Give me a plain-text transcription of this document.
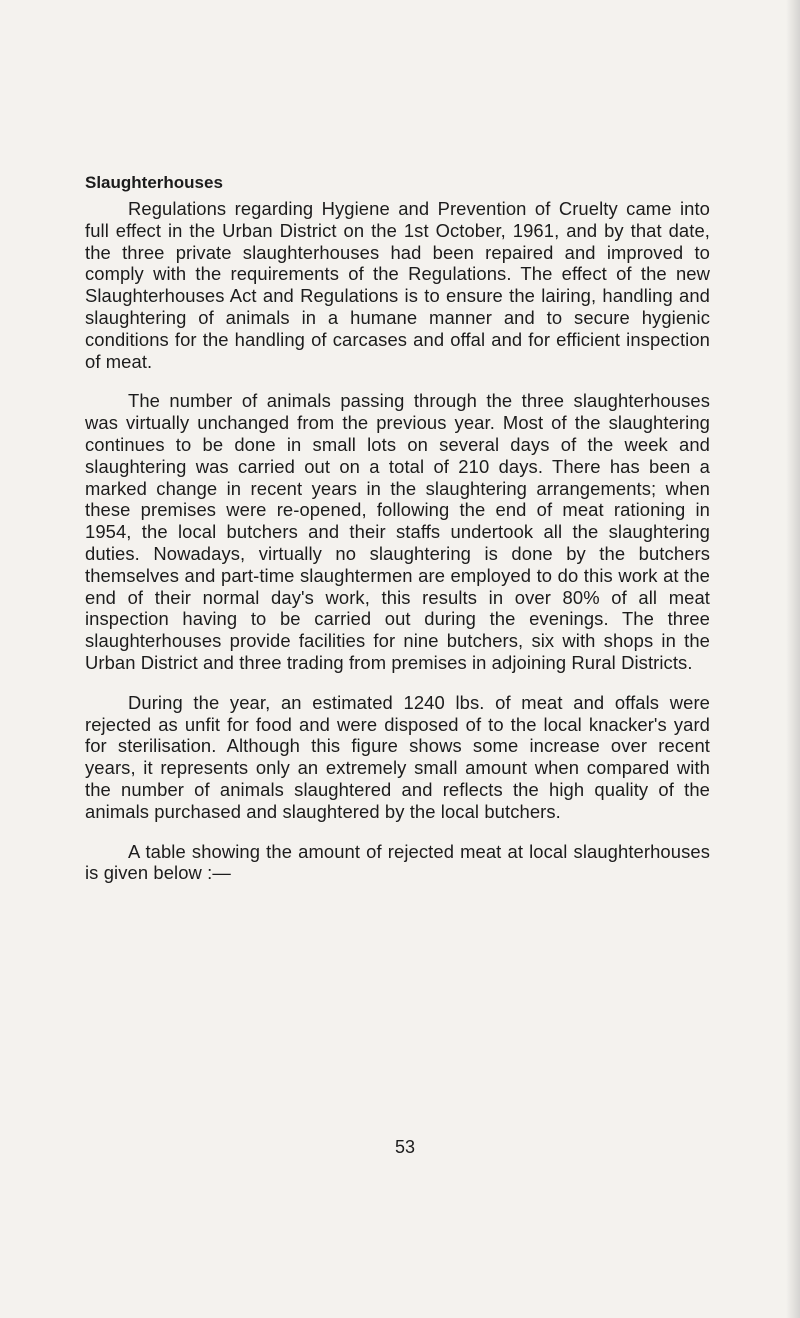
Slaughterhouses

Regulations regarding Hygiene and Prevention of Cruelty came into full effect in the Urban District on the 1st October, 1961, and by that date, the three private slaughterhouses had been repaired and improved to comply with the requirements of the Regulations. The effect of the new Slaughterhouses Act and Regulations is to ensure the lairing, handling and slaughtering of animals in a humane manner and to secure hygienic conditions for the handling of carcases and offal and for efficient inspection of meat.

The number of animals passing through the three slaughterhouses was virtually unchanged from the previous year. Most of the slaughtering continues to be done in small lots on several days of the week and slaughtering was carried out on a total of 210 days. There has been a marked change in recent years in the slaughtering arrangements; when these premises were re-opened, following the end of meat rationing in 1954, the local butchers and their staffs undertook all the slaughtering duties. Nowadays, virtually no slaughtering is done by the butchers themselves and part-time slaughtermen are employed to do this work at the end of their normal day's work, this results in over 80% of all meat inspection having to be carried out during the evenings. The three slaughterhouses provide facilities for nine butchers, six with shops in the Urban District and three trading from premises in adjoining Rural Districts.

During the year, an estimated 1240 lbs. of meat and offals were rejected as unfit for food and were disposed of to the local knacker's yard for sterilisation. Although this figure shows some increase over recent years, it represents only an extremely small amount when compared with the number of animals slaughtered and reflects the high quality of the animals purchased and slaughtered by the local butchers.

A table showing the amount of rejected meat at local slaughterhouses is given below :—

53
